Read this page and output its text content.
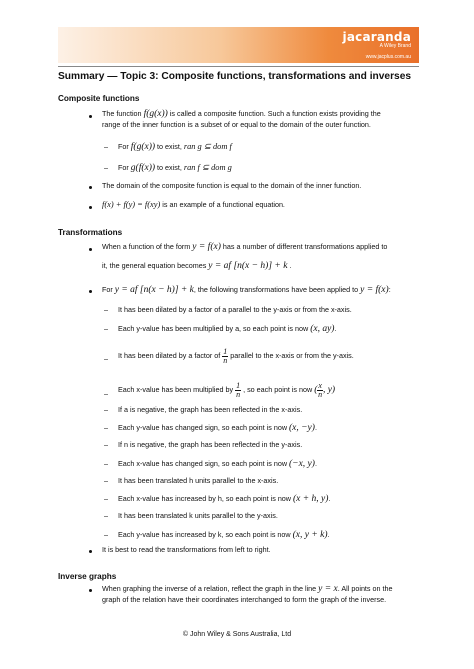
jacaranda
A Wiley Brand
www.jacplus.com.au
Summary — Topic 3: Composite functions, transformations and inverses
Composite functions
The function f(g(x)) is called a composite function. Such a function exists providing the
range of the inner function is a subset of or equal to the domain of the outer function.
– For f(g(x)) to exist, ran g ⊆ dom f
– For g(f(x)) to exist, ran f ⊆ dom g
The domain of the composite function is equal to the domain of the inner function.
f(x) + f(y) = f(xy) is an example of a functional equation.
Transformations
When a function of the form y = f(x) has a number of different transformations applied to
it, the general equation becomes y = af [n(x − h)] + k .
For y = af [n(x − h)] + k, the following transformations have been applied to y = f(x):
– It has been dilated by a factor of a parallel to the y-axis or from the x-axis.
– Each y-value has been multiplied by a, so each point is now (x, ay).
– It has been dilated by a factor of $\frac{1}{n}$ parallel to the x-axis or from the y-axis.
– Each x-value has been multiplied by $\frac{1}{n}$ , so each point is now ( $\frac{x}{n}$ , y)
– If a is negative, the graph has been reflected in the x-axis.
– Each y-value has changed sign, so each point is now (x, −y).
– If n is negative, the graph has been reflected in the y-axis.
– Each x-value has changed sign, so each point is now (−x, y).
– It has been translated h units parallel to the x-axis.
– Each x-value has increased by h, so each point is now (x + h, y).
– It has been translated k units parallel to the y-axis.
– Each y-value has increased by k, so each point is now (x, y + k).
It is best to read the transformations from left to right.
Inverse graphs
When graphing the inverse of a relation, reflect the graph in the line y = x. All points on the
graph of the relation have their coordinates interchanged to form the graph of the inverse.
© John Wiley & Sons Australia, Ltd
